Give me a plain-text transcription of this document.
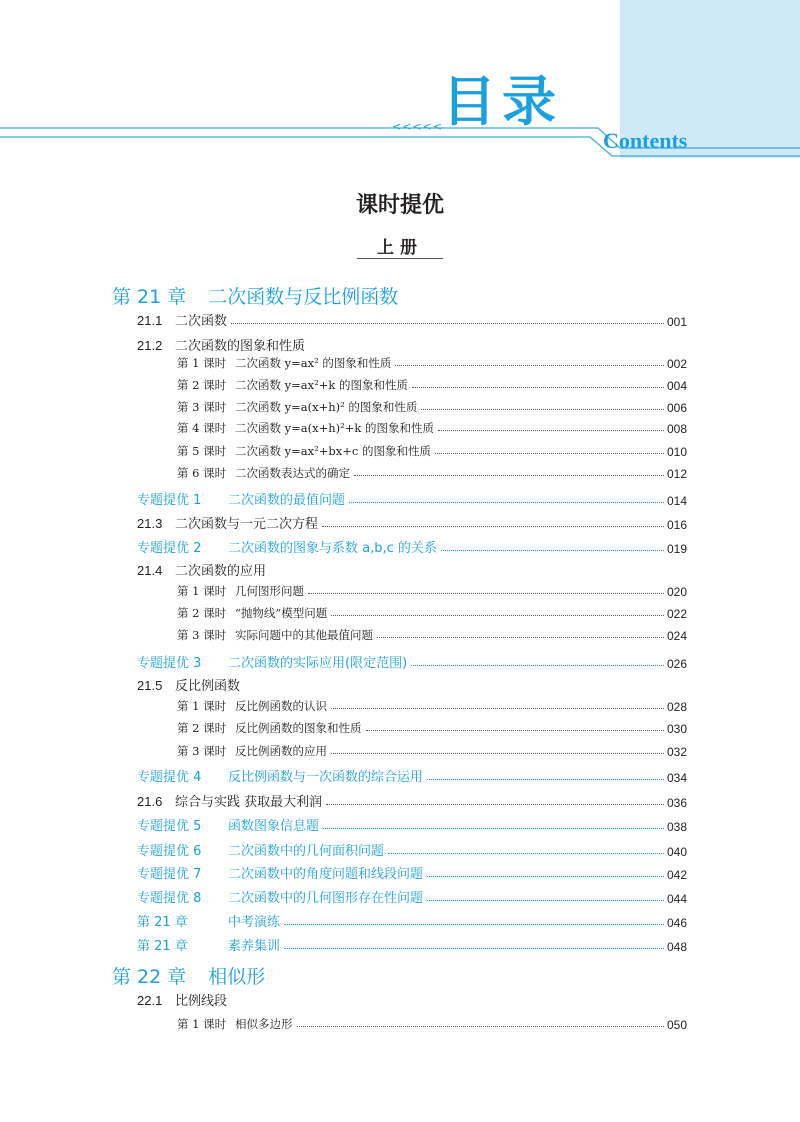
<<<<<
目录
Contents
课时提优
上册
第 21 章 二次函数与反比例函数
21.1 二次函数	001
21.2 二次函数的图象和性质
第 1 课时 二次函数 y=ax² 的图象和性质	002
第 2 课时 二次函数 y=ax²+k 的图象和性质	004
第 3 课时 二次函数 y=a(x+h)² 的图象和性质	006
第 4 课时 二次函数 y=a(x+h)²+k 的图象和性质	008
第 5 课时 二次函数 y=ax²+bx+c 的图象和性质	010
第 6 课时 二次函数表达式的确定	012
专题提优 1 二次函数的最值问题	014
21.3 二次函数与一元二次方程	016
专题提优 2 二次函数的图象与系数 a,b,c 的关系	019
21.4 二次函数的应用
第 1 课时 几何图形问题	020
第 2 课时 “抛物线”模型问题	022
第 3 课时 实际问题中的其他最值问题	024
专题提优 3 二次函数的实际应用(限定范围)	026
21.5 反比例函数
第 1 课时 反比例函数的认识	028
第 2 课时 反比例函数的图象和性质	030
第 3 课时 反比例函数的应用	032
专题提优 4 反比例函数与一次函数的综合运用	034
21.6 综合与实践 获取最大利润	036
专题提优 5 函数图象信息题	038
专题提优 6 二次函数中的几何面积问题	040
专题提优 7 二次函数中的角度问题和线段问题	042
专题提优 8 二次函数中的几何图形存在性问题	044
第 21 章	中考演练	046
第 21 章	素养集训	048
第 22 章 相似形
22.1 比例线段
第 1 课时 相似多边形	050
